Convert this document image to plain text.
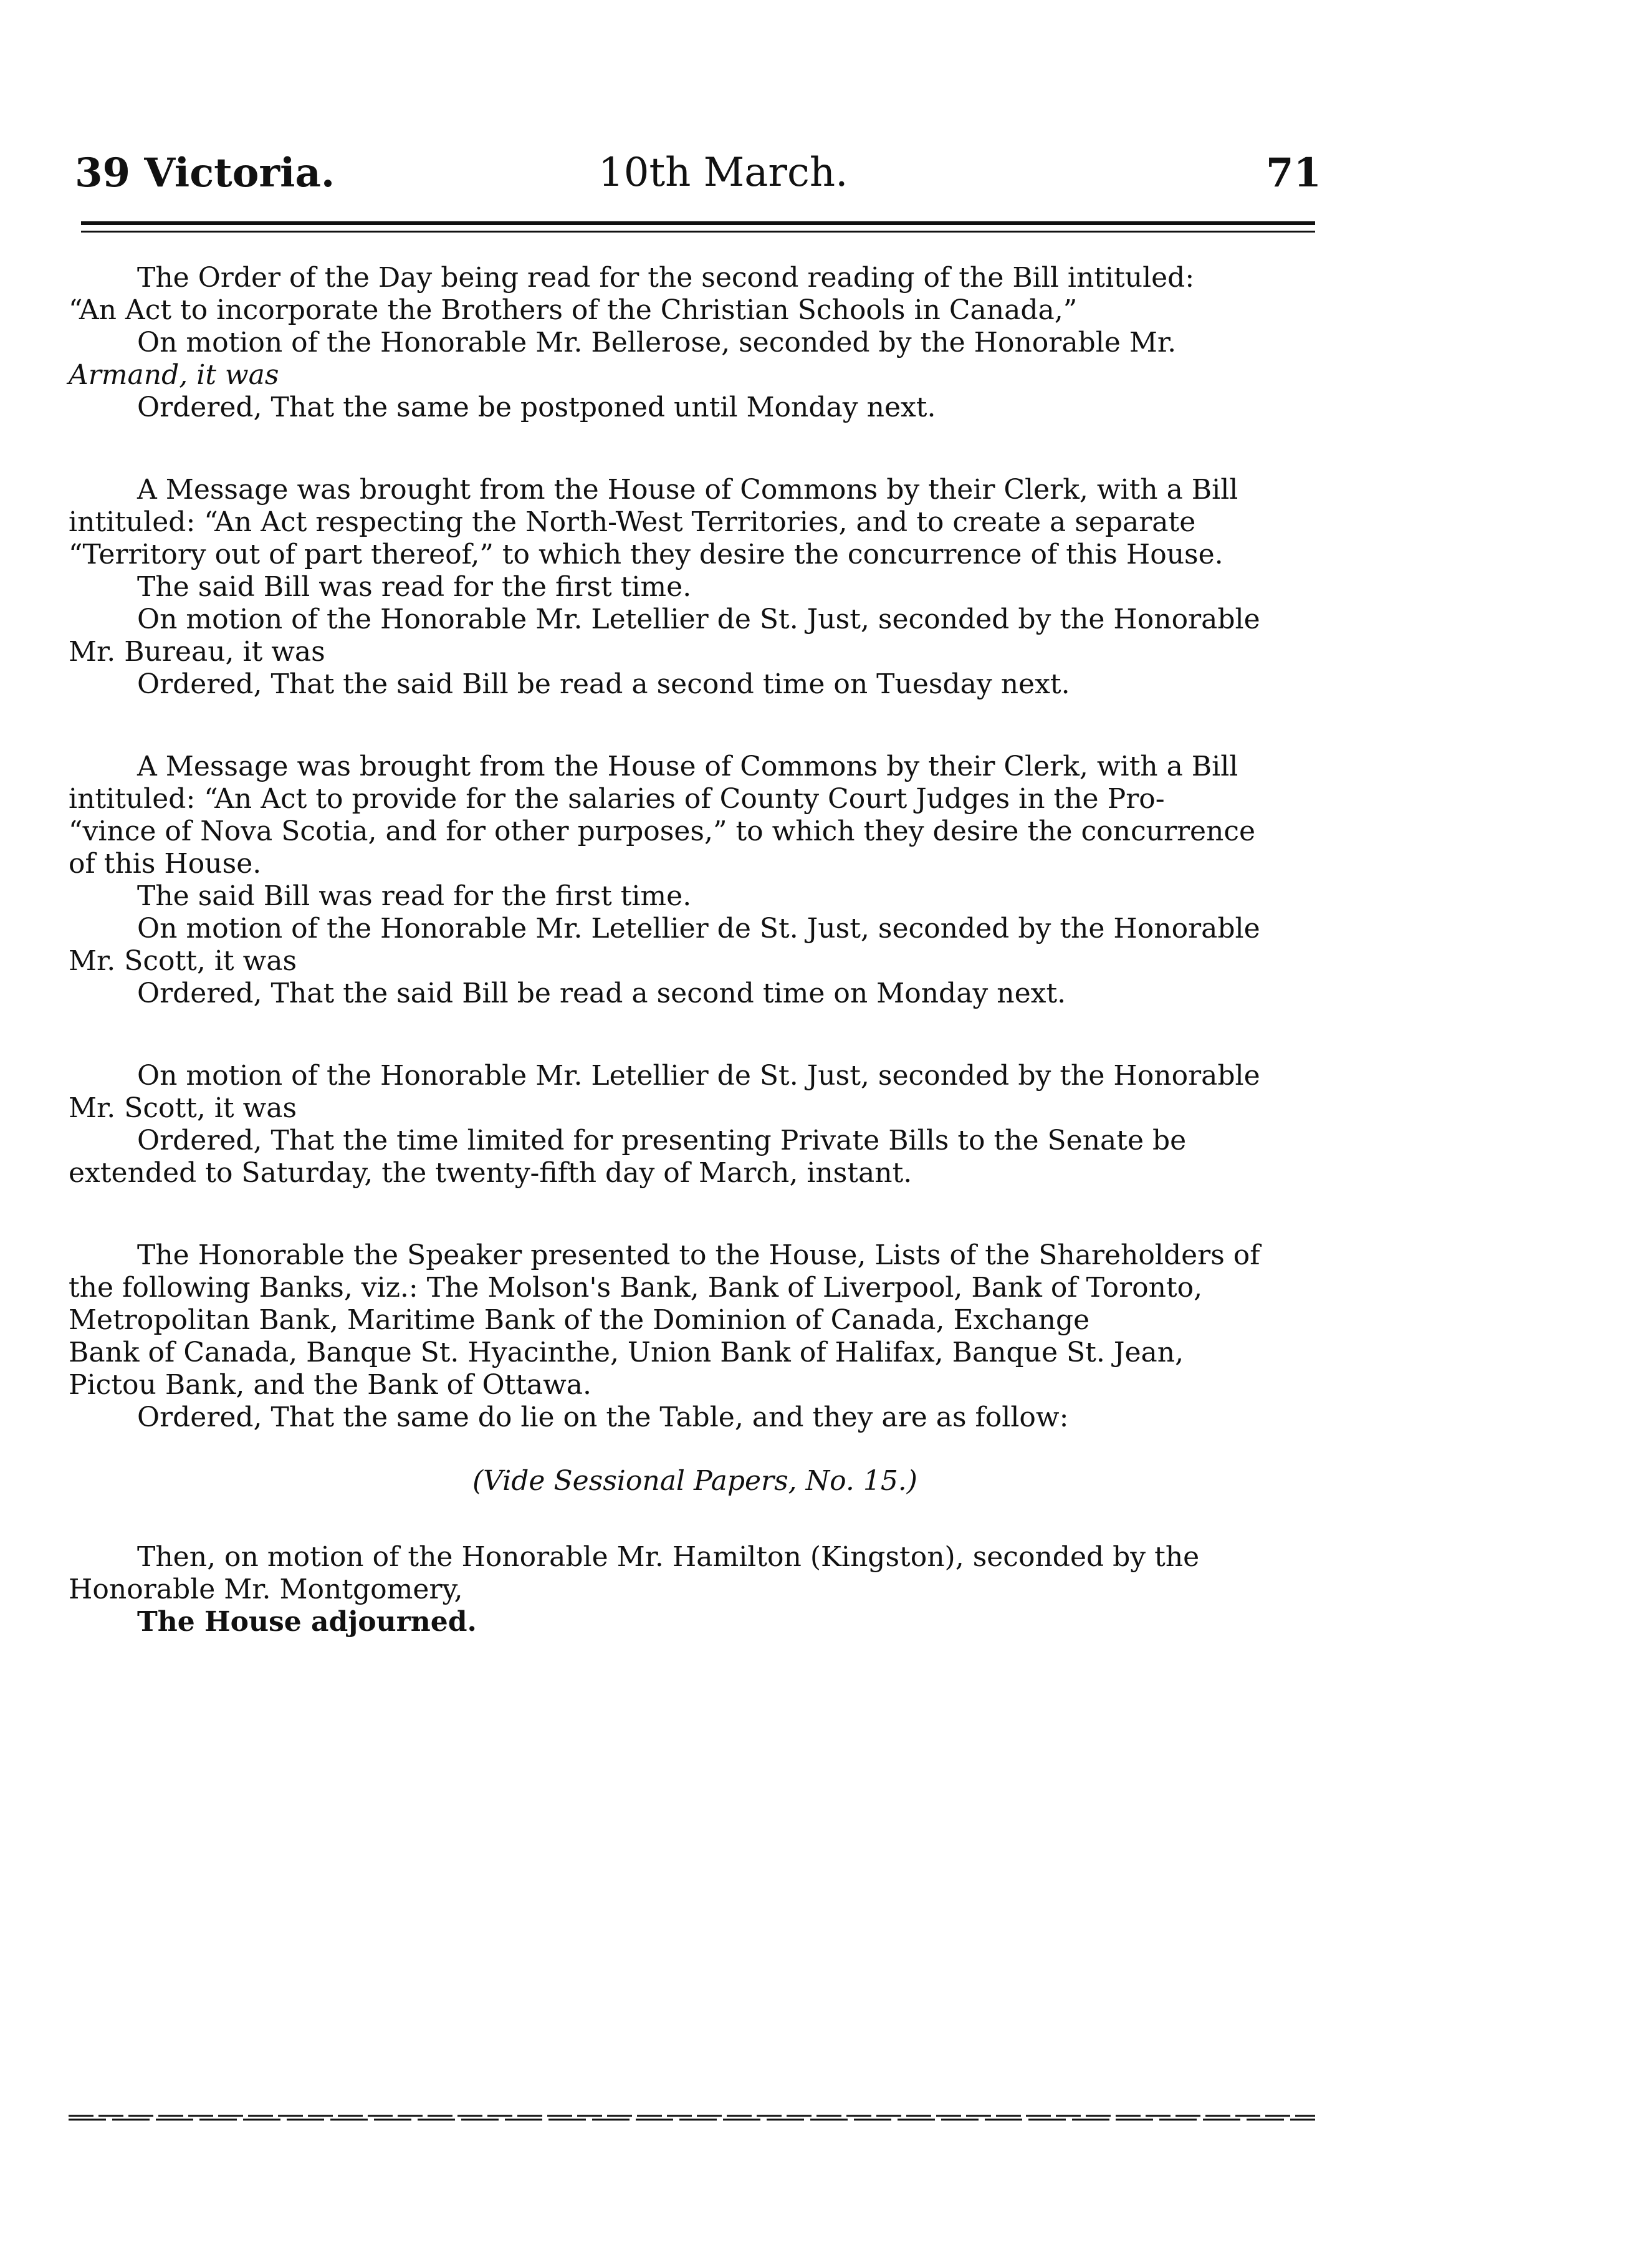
39 Victoria.	10th March.	71

The Order of the Day being read for the second reading of the Bill intituled:

“An Act to incorporate the Brothers of the Christian Schools in Canada,”

On motion of the Honorable Mr. Bellerose, seconded by the Honorable Mr.

Armand, it was

Ordered, That the same be postponed until Monday next.

A Message was brought from the House of Commons by their Clerk, with a Bill

intituled: “An Act respecting the North-West Territories, and to create a separate

“Territory out of part thereof,” to which they desire the concurrence of this House.

The said Bill was read for the first time.

On motion of the Honorable Mr. Letellier de St. Just, seconded by the Honorable

Mr. Bureau, it was

Ordered, That the said Bill be read a second time on Tuesday next.

A Message was brought from the House of Commons by their Clerk, with a Bill

intituled: “An Act to provide for the salaries of County Court Judges in the Pro-

“vince of Nova Scotia, and for other purposes,” to which they desire the concurrence

of this House.

The said Bill was read for the first time.

On motion of the Honorable Mr. Letellier de St. Just, seconded by the Honorable

Mr. Scott, it was

Ordered, That the said Bill be read a second time on Monday next.

On motion of the Honorable Mr. Letellier de St. Just, seconded by the Honorable

Mr. Scott, it was

Ordered, That the time limited for presenting Private Bills to the Senate be

extended to Saturday, the twenty-fifth day of March, instant.

The Honorable the Speaker presented to the House, Lists of the Shareholders of

the following Banks, viz.: The Molson's Bank, Bank of Liverpool, Bank of Toronto,

Metropolitan Bank, Maritime Bank of the Dominion of Canada, Exchange

Bank of Canada, Banque St. Hyacinthe, Union Bank of Halifax, Banque St. Jean,

Pictou Bank, and the Bank of Ottawa.

Ordered, That the same do lie on the Table, and they are as follow:

(Vide Sessional Papers, No. 15.)

Then, on motion of the Honorable Mr. Hamilton (Kingston), seconded by the

Honorable Mr. Montgomery,

The House adjourned.
